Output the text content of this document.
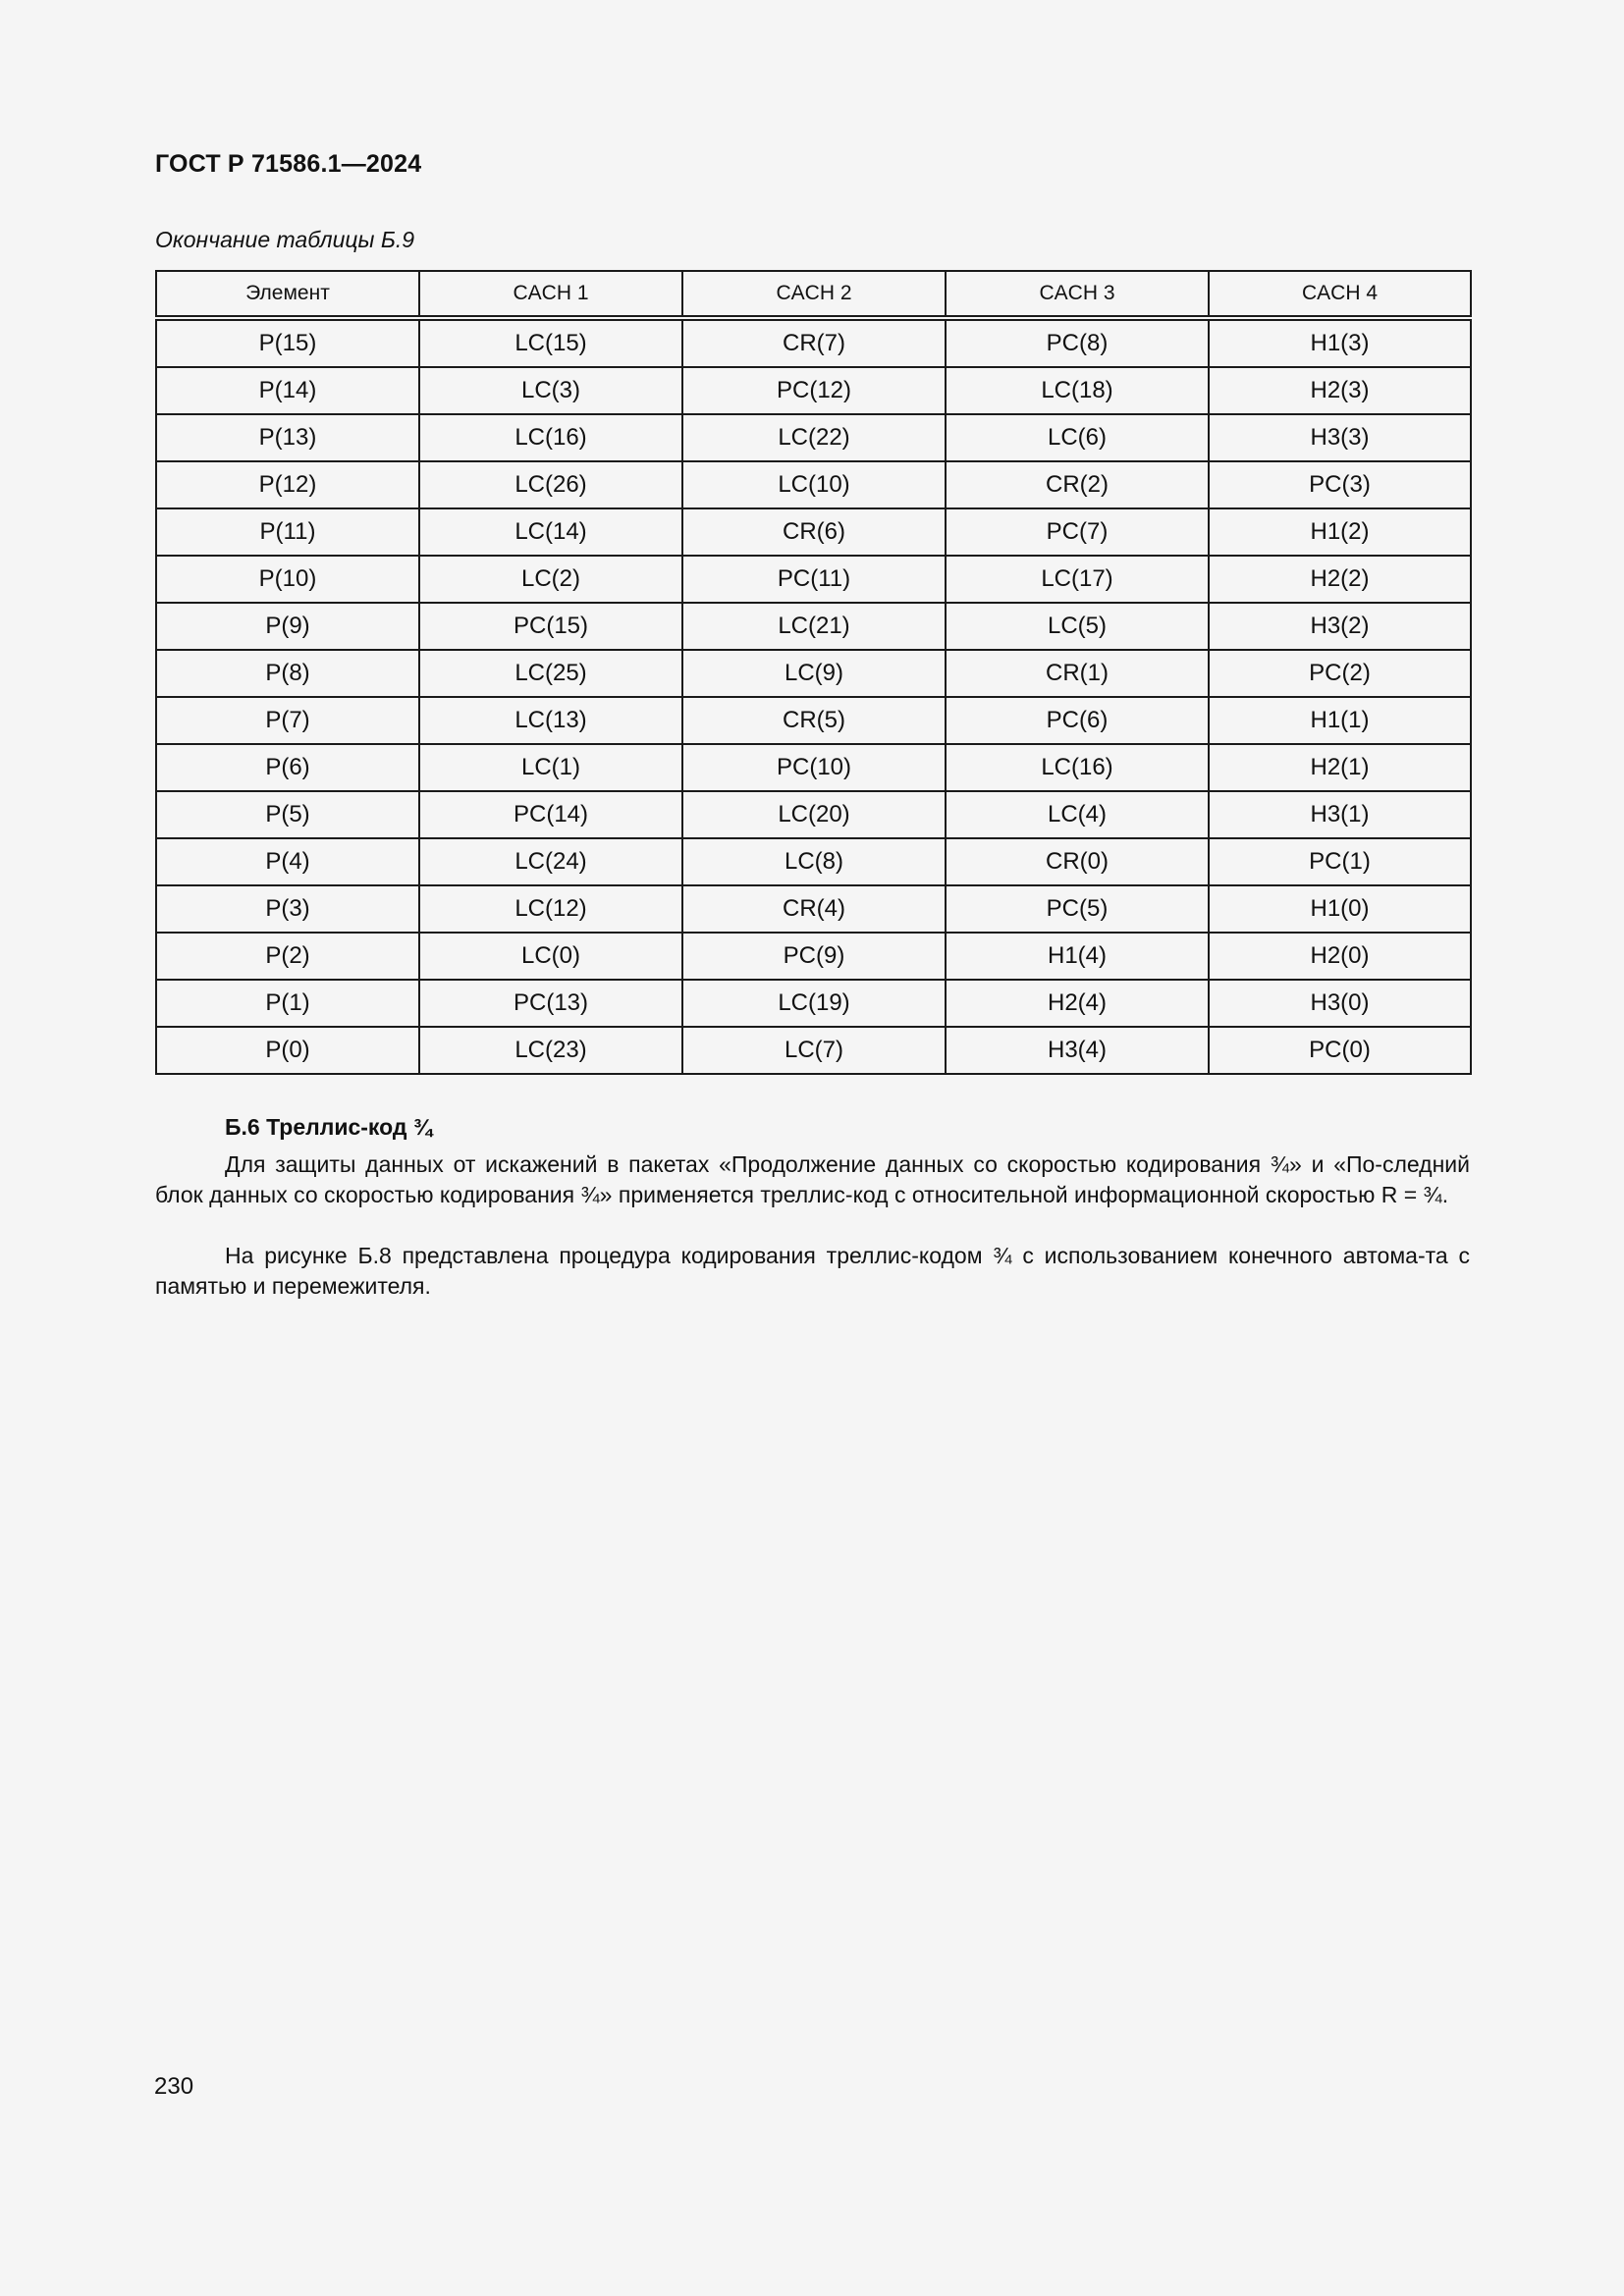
ГОСТ Р 71586.1—2024
Окончание таблицы Б.9
Элемент	CACH 1	CACH 2	CACH 3	CACH 4
P(15)	LC(15)	CR(7)	PC(8)	H1(3)
P(14)	LC(3)	PC(12)	LC(18)	H2(3)
P(13)	LC(16)	LC(22)	LC(6)	H3(3)
P(12)	LC(26)	LC(10)	CR(2)	PC(3)
P(11)	LC(14)	CR(6)	PC(7)	H1(2)
P(10)	LC(2)	PC(11)	LC(17)	H2(2)
P(9)	PC(15)	LC(21)	LC(5)	H3(2)
P(8)	LC(25)	LC(9)	CR(1)	PC(2)
P(7)	LC(13)	CR(5)	PC(6)	H1(1)
P(6)	LC(1)	PC(10)	LC(16)	H2(1)
P(5)	PC(14)	LC(20)	LC(4)	H3(1)
P(4)	LC(24)	LC(8)	CR(0)	PC(1)
P(3)	LC(12)	CR(4)	PC(5)	H1(0)
P(2)	LC(0)	PC(9)	H1(4)	H2(0)
P(1)	PC(13)	LC(19)	H2(4)	H3(0)
P(0)	LC(23)	LC(7)	H3(4)	PC(0)
Б.6 Треллис-код ¾
Для защиты данных от искажений в пакетах «Продолжение данных со скоростью кодирования ¾» и «По-следний блок данных со скоростью кодирования ¾» применяется треллис-код с относительной информационной скоростью R = ¾.
На рисунке Б.8 представлена процедура кодирования треллис-кодом ¾ с использованием конечного автома-та с памятью и перемежителя.
230
